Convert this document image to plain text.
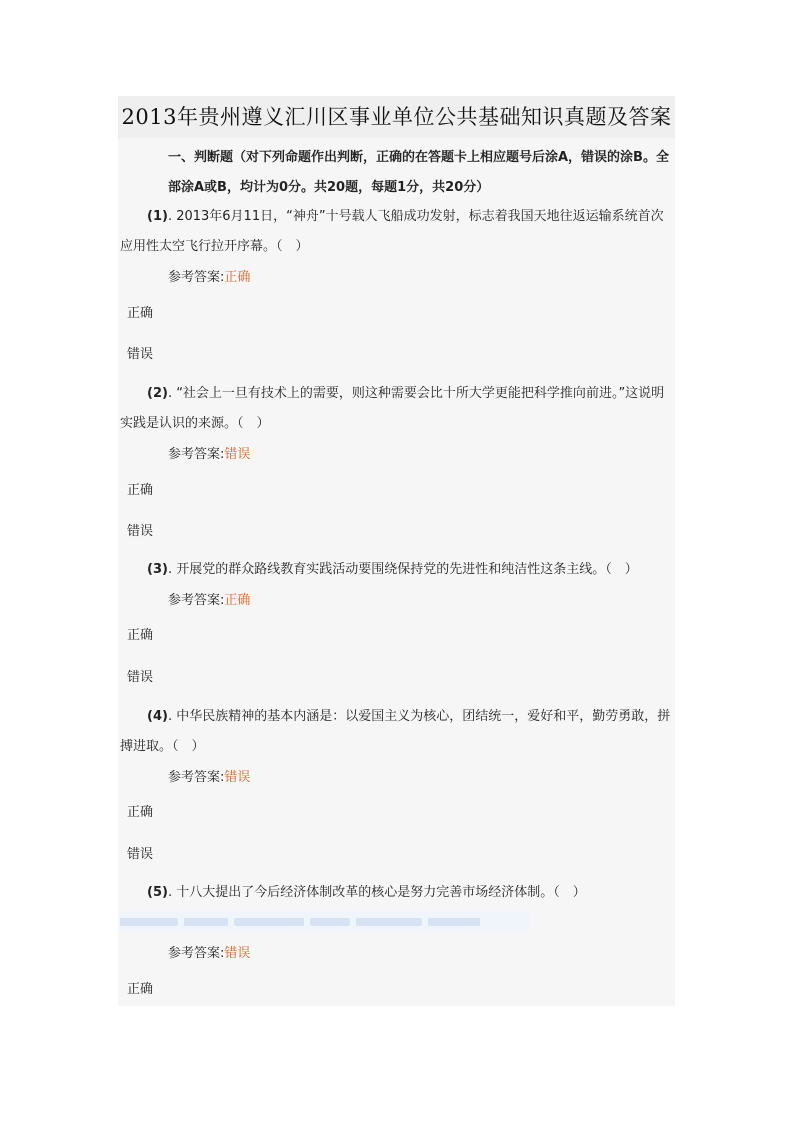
2013年贵州遵义汇川区事业单位公共基础知识真题及答案
一、判断题（对下列命题作出判断，正确的在答题卡上相应题号后涂A，错误的涂B。全部涂A或B，均计为0分。共20题，每题1分，共20分）
(1). 2013年6月11日，“神舟”十号载人飞船成功发射，标志着我国天地往返运输系统首次应用性太空飞行拉开序幕。（　）
参考答案:正确
正确
错误
(2). “社会上一旦有技术上的需要，则这种需要会比十所大学更能把科学推向前进。”这说明实践是认识的来源。（　）
参考答案:错误
正确
错误
(3). 开展党的群众路线教育实践活动要围绕保持党的先进性和纯洁性这条主线。（　）
参考答案:正确
正确
错误
(4). 中华民族精神的基本内涵是：以爱国主义为核心，团结统一，爱好和平，勤劳勇敢，拼搏进取。（　）
参考答案:错误
正确
错误
(5). 十八大提出了今后经济体制改革的核心是努力完善市场经济体制。（　）
参考答案:错误
正确
